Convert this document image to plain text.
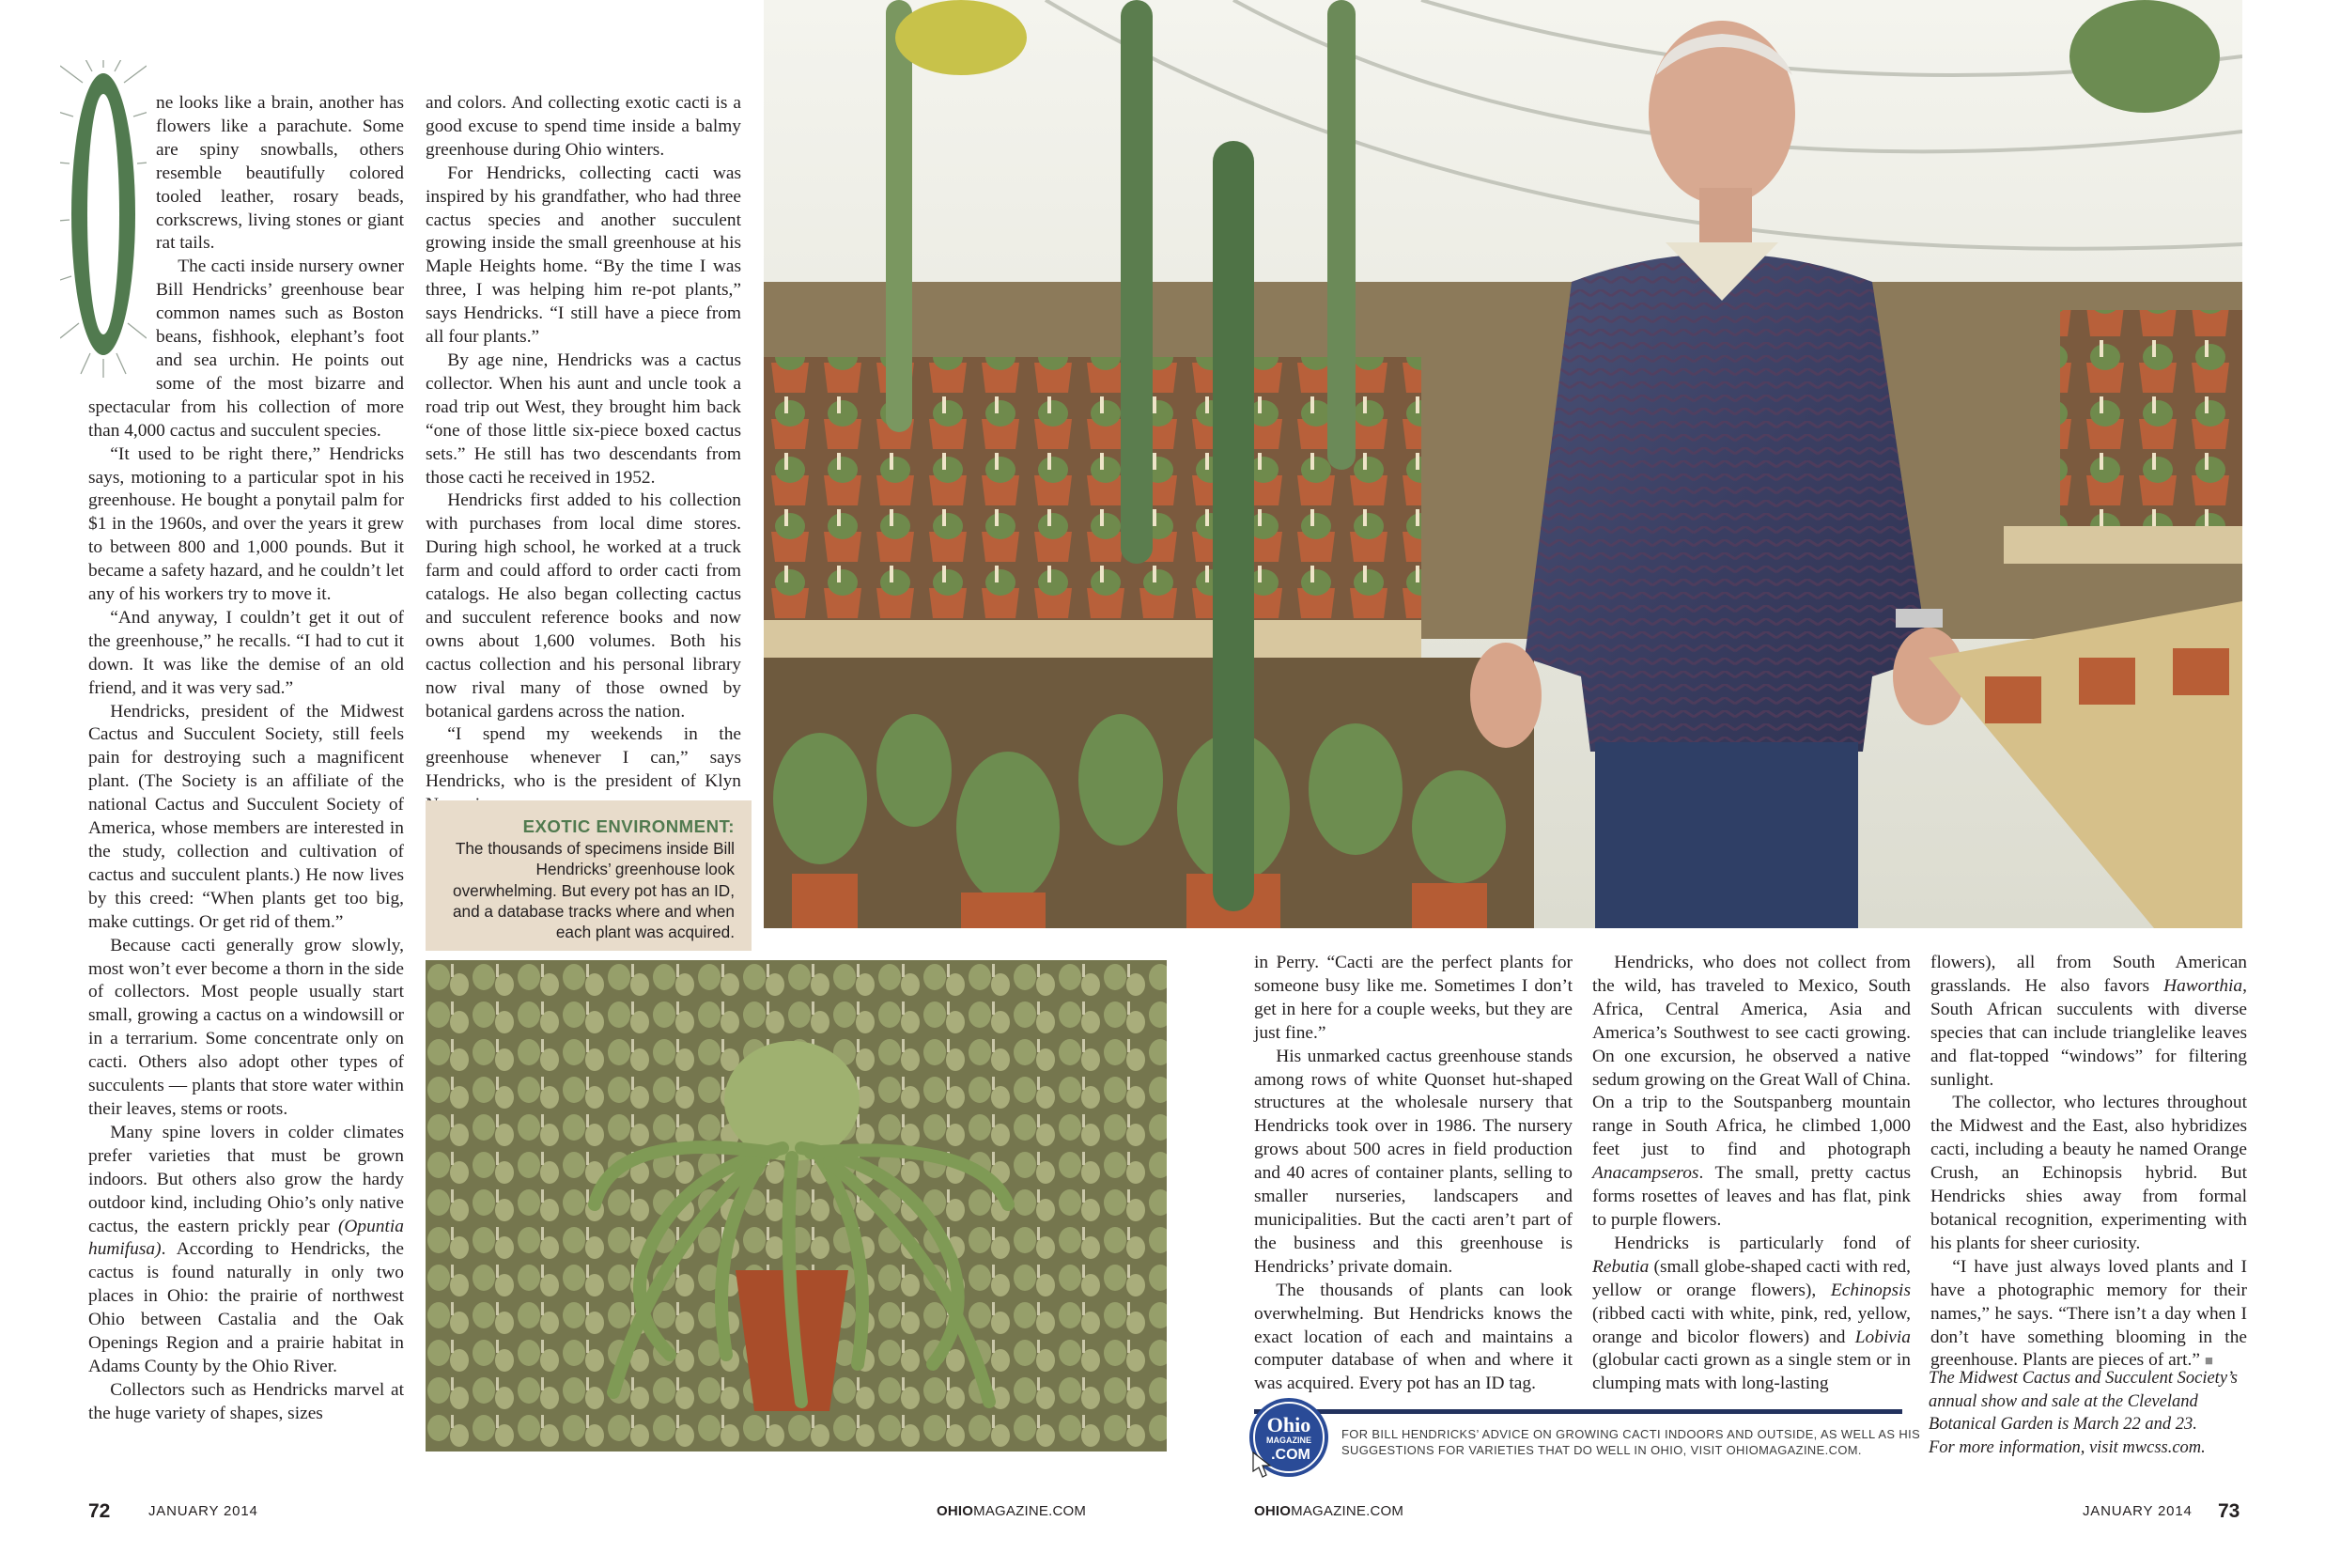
ne looks like a brain, another has flowers like a parachute. Some are spiny snowballs, others resemble beautifully colored tooled leather, rosary beads, corkscrews, living stones or giant rat tails.

The cacti inside nursery owner Bill Hendricks’ greenhouse bear common names such as Boston beans, fishhook, elephant’s foot and sea urchin. He points out some of the most bizarre and spectacular from his collection of more than 4,000 cactus and succulent species.

“It used to be right there,” Hendricks says, motioning to a particular spot in his greenhouse. He bought a ponytail palm for $1 in the 1960s, and over the years it grew to between 800 and 1,000 pounds. But it became a safety hazard, and he couldn’t let any of his workers try to move it.

“And anyway, I couldn’t get it out of the greenhouse,” he recalls. “I had to cut it down. It was like the demise of an old friend, and it was very sad.”

Hendricks, president of the Midwest Cactus and Succulent Society, still feels pain for destroying such a magnificent plant. (The Society is an affiliate of the national Cactus and Succulent Society of America, whose members are interested in the study, collection and cultivation of cactus and succulent plants.) He now lives by this creed: “When plants get too big, make cuttings. Or get rid of them.”

Because cacti generally grow slowly, most won’t ever become a thorn in the side of collectors. Most people usually start small, growing a cactus on a windowsill or in a terrarium. Some concentrate only on cacti. Others also adopt other types of succulents — plants that store water within their leaves, stems or roots.

Many spine lovers in colder climates prefer varieties that must be grown indoors. But others also grow the hardy outdoor kind, including Ohio’s only native cactus, the eastern prickly pear (Opuntia humifusa). According to Hendricks, the cactus is found naturally in only two places in Ohio: the prairie of northwest Ohio between Castalia and the Oak Openings Region and a prairie habitat in Adams County by the Ohio River.

Collectors such as Hendricks marvel at the huge variety of shapes, sizes

and colors. And collecting exotic cacti is a good excuse to spend time inside a balmy greenhouse during Ohio winters.

For Hendricks, collecting cacti was inspired by his grandfather, who had three cactus species and another succulent growing inside the small greenhouse at his Maple Heights home. “By the time I was three, I was helping him re-pot plants,” says Hendricks. “I still have a piece from all four plants.”

By age nine, Hendricks was a cactus collector. When his aunt and uncle took a road trip out West, they brought him back “one of those little six-piece boxed cactus sets.” He still has two descendants from those cacti he received in 1952.

Hendricks first added to his collection with purchases from local dime stores. During high school, he worked at a truck farm and could afford to order cacti from catalogs. He also began collecting cactus and succulent reference books and now owns about 1,600 volumes. Both his cactus collection and his personal library now rival many of those owned by botanical gardens across the nation.

“I spend my weekends in the greenhouse whenever I can,” says Hendricks, who is the president of Klyn

EXOTIC ENVIRONMENT:
The thousands of specimens inside Bill Hendricks’ greenhouse look overwhelming. But every pot has an ID, and a database tracks where and when each plant was acquired.

in Perry. “Cacti are the perfect plants for someone busy like me. Sometimes I don’t get in here for a couple weeks, but they are just fine.”

His unmarked cactus greenhouse stands among rows of white Quonset hut-shaped structures at the wholesale nursery that Hendricks took over in 1986. The nursery grows about 500 acres in field production and 40 acres of container plants, selling to smaller nurseries, landscapers and municipalities. But the cacti aren’t part of the business and this greenhouse is Hendricks’ private domain.

The thousands of plants can look overwhelming. But Hendricks knows the exact location of each and maintains a computer database of when and where it was acquired. Every pot has an ID tag.

Hendricks, who does not collect from the wild, has traveled to Mexico, South Africa, Central America, Asia and America’s Southwest to see cacti growing. On one excursion, he observed a native sedum growing on the Great Wall of China. On a trip to the Soutspanberg mountain range in South Africa, he climbed 1,000 feet just to find and photograph Anacampseros. The small, pretty cactus forms rosettes of leaves and has flat, pink to purple flowers.

Hendricks is particularly fond of Rebutia (small globe-shaped cacti with red, yellow or orange flowers), Echinopsis (ribbed cacti with white, pink, red, yellow, orange and bicolor flowers) and Lobivia (globular cacti grown as a single stem or in clumping mats with long-lasting

flowers), all from South American grasslands. He also favors Haworthia, South African succulents with diverse species that can include trianglelike leaves and flat-topped “windows” for filtering sunlight.

The collector, who lectures throughout the Midwest and the East, also hybridizes cacti, including a beauty he named Orange Crush, an Echinopsis hybrid. But Hendricks shies away from formal botanical recognition, experimenting with his plants for sheer curiosity.

“I have just always loved plants and I have a photographic memory for their names,” he says. “There isn’t a day when I don’t have something blooming in the greenhouse. Plants are pieces of art.” ■

The Midwest Cactus and Succulent Society’s annual show and sale at the Cleveland Botanical Garden is March 22 and 23.
For more information, visit mwcss.com.
Ohio
MAGAZINE
.COM
FOR BILL HENDRICKS’ ADVICE ON GROWING CACTI INDOORS AND OUTSIDE, AS WELL AS HIS SUGGESTIONS FOR VARIETIES THAT DO WELL IN OHIO, VISIT OHIOMAGAZINE.COM.
72	JANUARY 2014	OHIOMAGAZINE.COM	OHIOMAGAZINE.COM	JANUARY 2014 73
